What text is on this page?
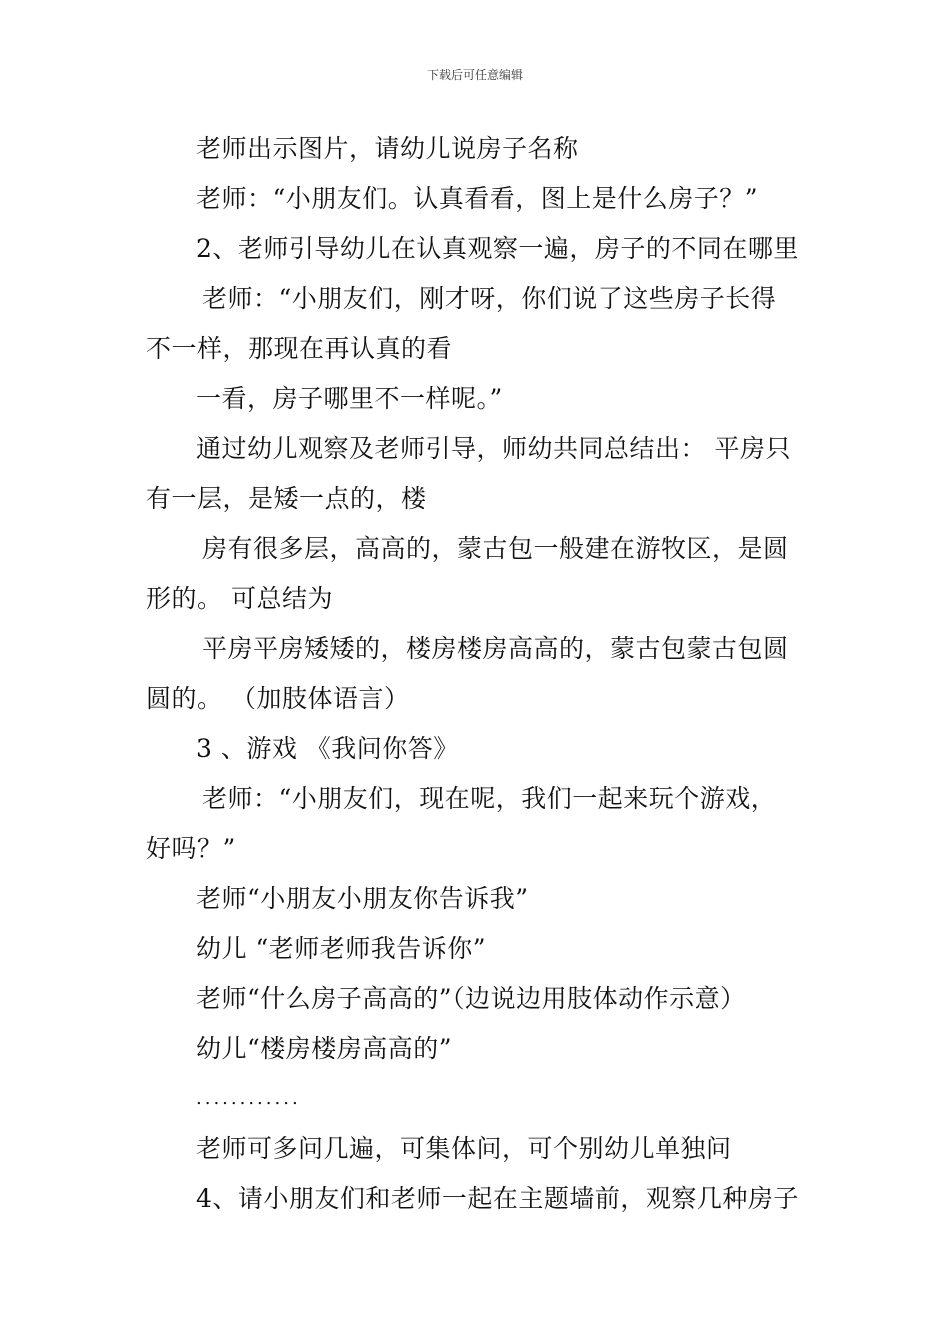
下载后可任意编辑
老师出示图片，请幼儿说房子名称
老师：“小朋友们。认真看看，图上是什么房子？”
2、老师引导幼儿在认真观察一遍，房子的不同在哪里
老师：“小朋友们，刚才呀，你们说了这些房子长得
不一样，那现在再认真的看
一看，房子哪里不一样呢。”
通过幼儿观察及老师引导，师幼共同总结出： 平房只
有一层，是矮一点的，楼
房有很多层，高高的，蒙古包一般建在游牧区，是圆
形的。 可总结为
平房平房矮矮的，楼房楼房高高的，蒙古包蒙古包圆
圆的。 （加肢体语言）
3 、游戏 《我问你答》
老师：“小朋友们，现在呢，我们一起来玩个游戏，
好吗？”
老师“小朋友小朋友你告诉我”
幼儿 “老师老师我告诉你”
老师“什么房子高高的”（边说边用肢体动作示意）
幼儿“楼房楼房高高的”
............
老师可多问几遍，可集体问，可个别幼儿单独问
4、请小朋友们和老师一起在主题墙前，观察几种房子
